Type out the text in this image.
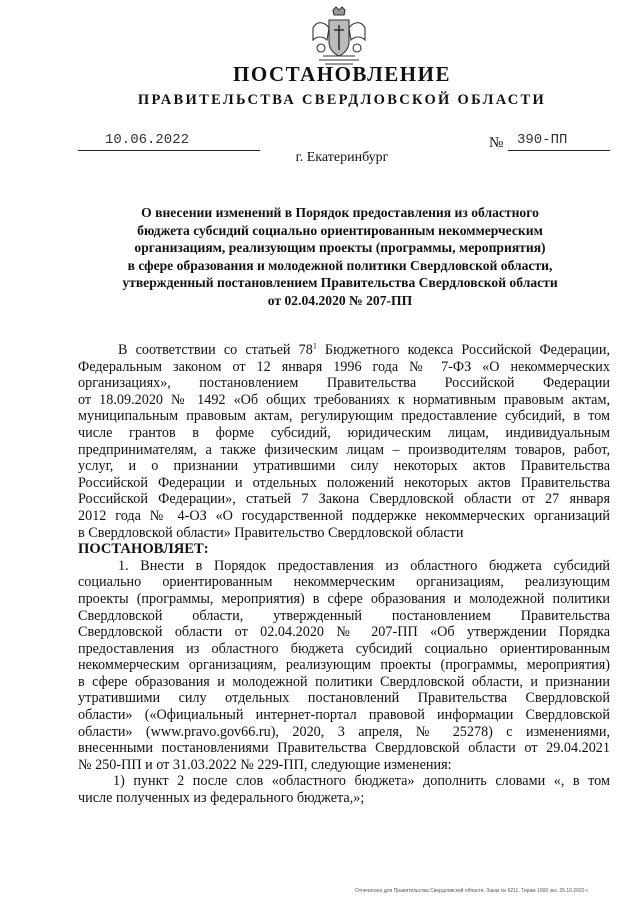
ПОСТАНОВЛЕНИЕ
ПРАВИТЕЛЬСТВА СВЕРДЛОВСКОЙ ОБЛАСТИ
10.06.2022	№ 390-ПП
г. Екатеринбург
О внесении изменений в Порядок предоставления из областного
бюджета субсидий социально ориентированным некоммерческим
организациям, реализующим проекты (программы, мероприятия)
в сфере образования и молодежной политики Свердловской области,
утвержденный постановлением Правительства Свердловской области
от 02.04.2020 № 207-ПП
В соответствии со статьей $78^1$ Бюджетного кодекса Российской Федерации,
Федеральным законом от 12 января 1996 года № 7-ФЗ «О некоммерческих
организациях», постановлением Правительства Российской Федерации
от 18.09.2020 № 1492 «Об общих требованиях к нормативным правовым актам,
муниципальным правовым актам, регулирующим предоставление субсидий, в том
числе грантов в форме субсидий, юридическим лицам, индивидуальным
предпринимателям, а также физическим лицам – производителям товаров, работ,
услуг, и о признании утратившими силу некоторых актов Правительства
Российской Федерации и отдельных положений некоторых актов Правительства
Российской Федерации», статьей 7 Закона Свердловской области от 27 января
2012 года № 4-ОЗ «О государственной поддержке некоммерческих организаций
в Свердловской области» Правительство Свердловской области
ПОСТАНОВЛЯЕТ:
1. Внести в Порядок предоставления из областного бюджета субсидий
социально ориентированным некоммерческим организациям, реализующим
проекты (программы, мероприятия) в сфере образования и молодежной политики
Свердловской области, утвержденный постановлением Правительства
Свердловской области от 02.04.2020 № 207-ПП «Об утверждении Порядка
предоставления из областного бюджета субсидий социально ориентированным
некоммерческим организациям, реализующим проекты (программы, мероприятия)
в сфере образования и молодежной политики Свердловской области, и признании
утратившими силу отдельных постановлений Правительства Свердловской
области» («Официальный интернет-портал правовой информации Свердловской
области» (www.pravo.gov66.ru), 2020, 3 апреля, № 25278) с изменениями,
внесенными постановлениями Правительства Свердловской области от 29.04.2021
№ 250-ПП и от 31.03.2022 № 229-ПП, следующие изменения:
1) пункт 2 после слов «областного бюджета» дополнить словами «, в том
числе полученных из федерального бюджета,»;
Отпечатано для Правительства Свердловской области. Заказ № 6211. Тираж 1000 экз. 25.10.2020 г.
